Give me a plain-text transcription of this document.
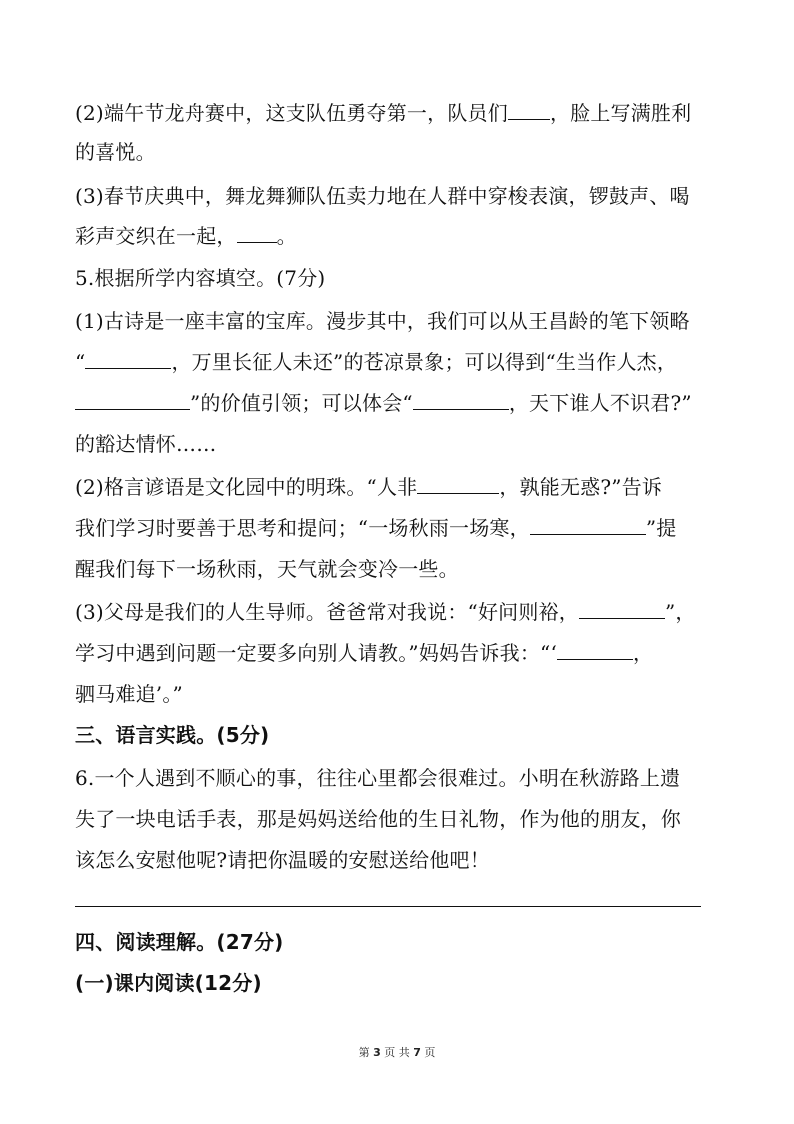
(2)端午节龙舟赛中，这支队伍勇夺第一，队员们 ，脸上写满胜利
的喜悦。
(3)春节庆典中，舞龙舞狮队伍卖力地在人群中穿梭表演，锣鼓声、喝
彩声交织在一起， 。
5.根据所学内容填空。(7分)
(1)古诗是一座丰富的宝库。漫步其中，我们可以从王昌龄的笔下领略
“	，万里长征人未还”的苍凉景象；可以得到“生当作人杰，
”的价值引领；可以体会“	，天下谁人不识君?”
的豁达情怀……
(2)格言谚语是文化园中的明珠。“人非	，孰能无惑?”告诉
我们学习时要善于思考和提问；“一场秋雨一场寒，	”提
醒我们每下一场秋雨，天气就会变冷一些。
(3)父母是我们的人生导师。爸爸常对我说：“好问则裕，	”，
学习中遇到问题一定要多向别人请教。”妈妈告诉我：“‘	，
驷马难追’。”
三、语言实践。(5分)
6.一个人遇到不顺心的事，往往心里都会很难过。小明在秋游路上遗
失了一块电话手表，那是妈妈送给他的生日礼物，作为他的朋友，你
该怎么安慰他呢?请把你温暖的安慰送给他吧！
四、阅读理解。(27分)
(一)课内阅读(12分)
第 3 页 共 7 页
